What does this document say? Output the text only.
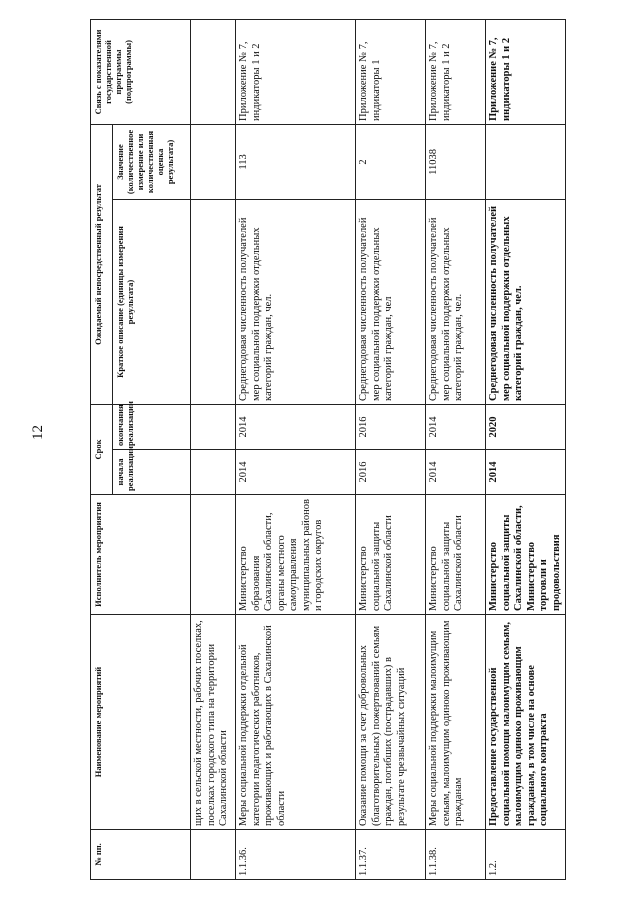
12
№ пп.	Наименование мероприятий	Исполнитель мероприятия	Срок		Ожидаемый непосредственный результат		Связь с показателями государственной программы (подпрограммы)
			начала реализации	окончания реализации	Краткое описание (единицы измерения результата)	Значение (количественное измерение или количественная оценка результата)	
	щих в сельской местности, рабочих поселках, поселках городского типа на территории Сахалинской области						
1.1.36.	Меры социальной поддержки отдельной категории педагогических работников, проживающих и работающих в Сахалинской области	Министерство образования Сахалинской области, органы местного самоуправления муниципальных районов и городских округов	2014	2014	Среднегодовая численность получателей мер социальной поддержки отдельных категорий граждан, чел.	113	Приложение № 7, индикаторы 1 и 2
1.1.37.	Оказание помощи за счет добровольных (благотворительных) пожертвований семьям граждан, погибших (пострадавших) в результате чрезвычайных ситуаций	Министерство социальной защиты Сахалинской области	2016	2016	Среднегодовая численность получателей мер социальной поддержки отдельных категорий граждан, чел	2	Приложение № 7, индикаторы 1
1.1.38.	Меры социальной поддержки малоимущим семьям, малоимущим одиноко проживающим гражданам	Министерство социальной защиты Сахалинской области	2014	2014	Среднегодовая численность получателей мер социальной поддержки отдельных категорий граждан, чел.	11038	Приложение № 7, индикаторы 1 и 2
1.2.	Предоставление государственной социальной помощи малоимущим семьям, малоимущим одиноко проживающим гражданам, в том числе на основе социального контракта	Министерство социальной защиты Сахалинской области, Министерство торговли и продовольствия	2014	2020	Среднегодовая численность получателей мер социальной поддержки отдельных категорий граждан, чел.		Приложение № 7, индикаторы 1 и 2
